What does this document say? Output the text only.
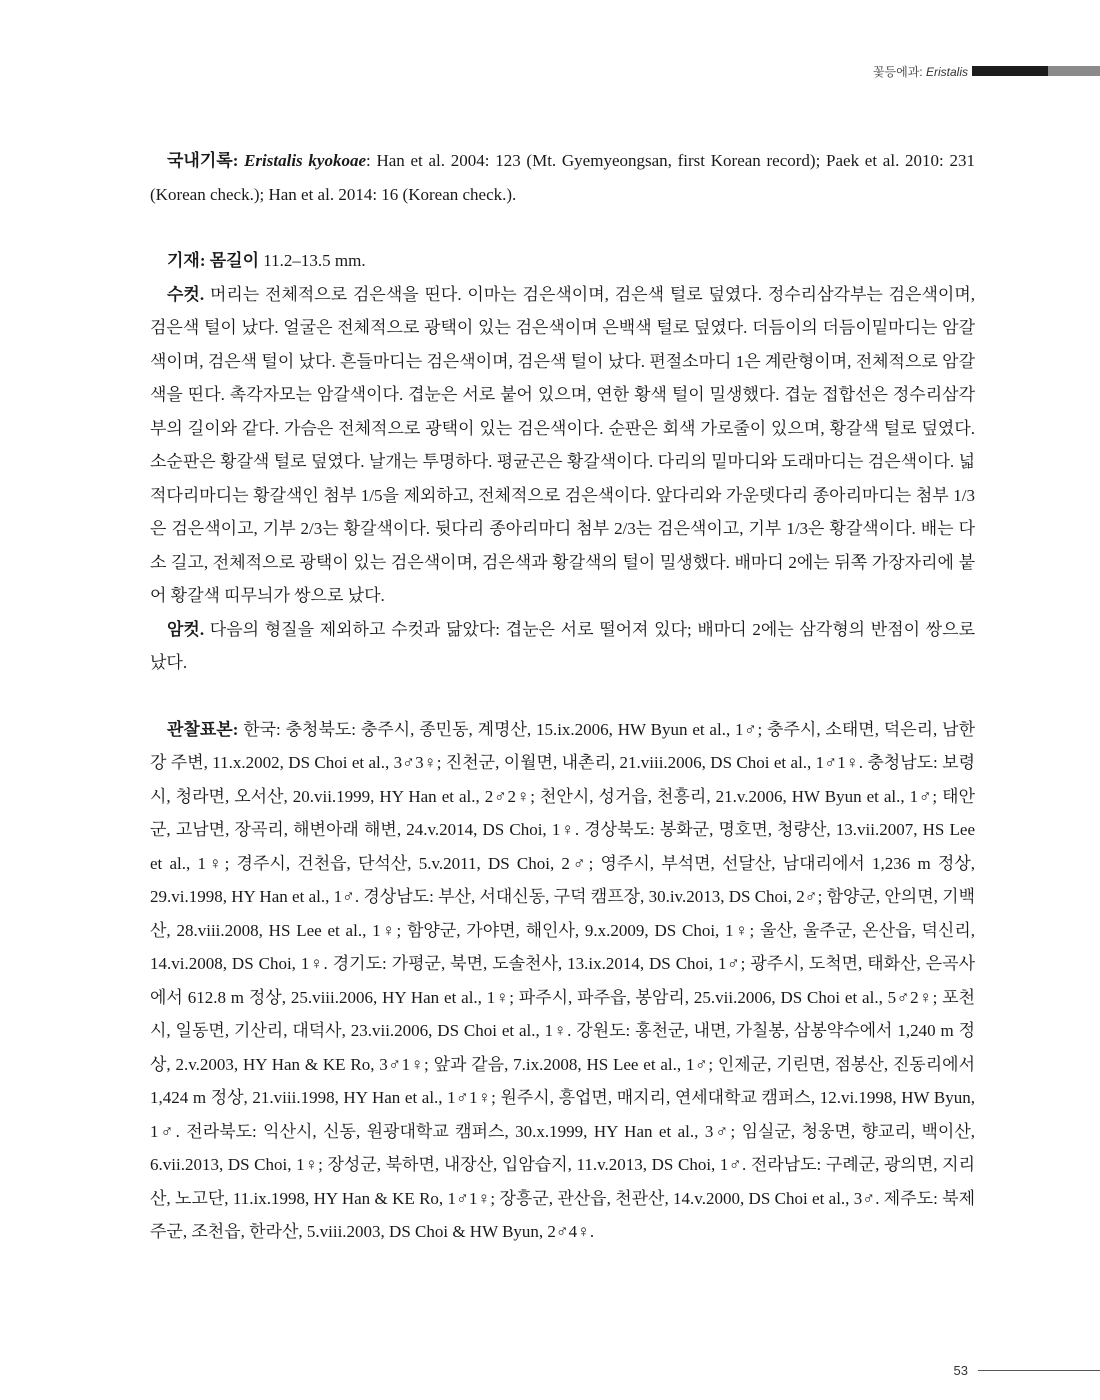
꽃등에과: Eristalis

국내기록: Eristalis kyokoae: Han et al. 2004: 123 (Mt. Gyemyeongsan, first Korean record); Paek et al. 2010: 231 (Korean check.); Han et al. 2014: 16 (Korean check.).

기재: 몸길이 11.2–13.5 mm.

수컷. 머리는 전체적으로 검은색을 띤다. 이마는 검은색이며, 검은색 털로 덮였다. 정수리삼각부는 검은색이며, 검은색 털이 났다. 얼굴은 전체적으로 광택이 있는 검은색이며 은백색 털로 덮였다. 더듬이의 더듬이밑마디는 암갈색이며, 검은색 털이 났다. 흔들마디는 검은색이며, 검은색 털이 났다. 편절소마디 1은 계란형이며, 전체적으로 암갈색을 띤다. 촉각자모는 암갈색이다. 겹눈은 서로 붙어 있으며, 연한 황색 털이 밀생했다. 겹눈 접합선은 정수리삼각부의 길이와 같다. 가슴은 전체적으로 광택이 있는 검은색이다. 순판은 회색 가로줄이 있으며, 황갈색 털로 덮였다. 소순판은 황갈색 털로 덮였다. 날개는 투명하다. 평균곤은 황갈색이다. 다리의 밑마디와 도래마디는 검은색이다. 넓적다리마디는 황갈색인 첨부 1/5을 제외하고, 전체적으로 검은색이다. 앞다리와 가운뎃다리 종아리마디는 첨부 1/3은 검은색이고, 기부 2/3는 황갈색이다. 뒷다리 종아리마디 첨부 2/3는 검은색이고, 기부 1/3은 황갈색이다. 배는 다소 길고, 전체적으로 광택이 있는 검은색이며, 검은색과 황갈색의 털이 밀생했다. 배마디 2에는 뒤쪽 가장자리에 붙어 황갈색 띠무늬가 쌍으로 났다.

암컷. 다음의 형질을 제외하고 수컷과 닮았다: 겹눈은 서로 떨어져 있다; 배마디 2에는 삼각형의 반점이 쌍으로 났다.

관찰표본: 한국: 충청북도: 충주시, 종민동, 계명산, 15.ix.2006, HW Byun et al., 1♂; 충주시, 소태면, 덕은리, 남한강 주변, 11.x.2002, DS Choi et al., 3♂3♀; 진천군, 이월면, 내촌리, 21.viii.2006, DS Choi et al., 1♂1♀. 충청남도: 보령시, 청라면, 오서산, 20.vii.1999, HY Han et al., 2♂2♀; 천안시, 성거읍, 천흥리, 21.v.2006, HW Byun et al., 1♂; 태안군, 고남면, 장곡리, 해변아래 해변, 24.v.2014, DS Choi, 1♀. 경상북도: 봉화군, 명호면, 청량산, 13.vii.2007, HS Lee et al., 1♀; 경주시, 건천읍, 단석산, 5.v.2011, DS Choi, 2♂; 영주시, 부석면, 선달산, 남대리에서 1,236 m 정상, 29.vi.1998, HY Han et al., 1♂. 경상남도: 부산, 서대신동, 구덕 캠프장, 30.iv.2013, DS Choi, 2♂; 함양군, 안의면, 기백산, 28.viii.2008, HS Lee et al., 1♀; 함양군, 가야면, 해인사, 9.x.2009, DS Choi, 1♀; 울산, 울주군, 온산읍, 덕신리, 14.vi.2008, DS Choi, 1♀. 경기도: 가평군, 북면, 도솔천사, 13.ix.2014, DS Choi, 1♂; 광주시, 도척면, 태화산, 은곡사에서 612.8 m 정상, 25.viii.2006, HY Han et al., 1♀; 파주시, 파주읍, 봉암리, 25.vii.2006, DS Choi et al., 5♂2♀; 포천시, 일동면, 기산리, 대덕사, 23.vii.2006, DS Choi et al., 1♀. 강원도: 홍천군, 내면, 가칠봉, 삼봉약수에서 1,240 m 정상, 2.v.2003, HY Han & KE Ro, 3♂1♀; 앞과 같음, 7.ix.2008, HS Lee et al., 1♂; 인제군, 기린면, 점봉산, 진동리에서 1,424 m 정상, 21.viii.1998, HY Han et al., 1♂1♀; 원주시, 흥업면, 매지리, 연세대학교 캠퍼스, 12.vi.1998, HW Byun, 1♂. 전라북도: 익산시, 신동, 원광대학교 캠퍼스, 30.x.1999, HY Han et al., 3♂; 임실군, 청웅면, 향교리, 백이산, 6.vii.2013, DS Choi, 1♀; 장성군, 북하면, 내장산, 입암습지, 11.v.2013, DS Choi, 1♂. 전라남도: 구례군, 광의면, 지리산, 노고단, 11.ix.1998, HY Han & KE Ro, 1♂1♀; 장흥군, 관산읍, 천관산, 14.v.2000, DS Choi et al., 3♂. 제주도: 북제주군, 조천읍, 한라산, 5.viii.2003, DS Choi & HW Byun, 2♂4♀.

53
